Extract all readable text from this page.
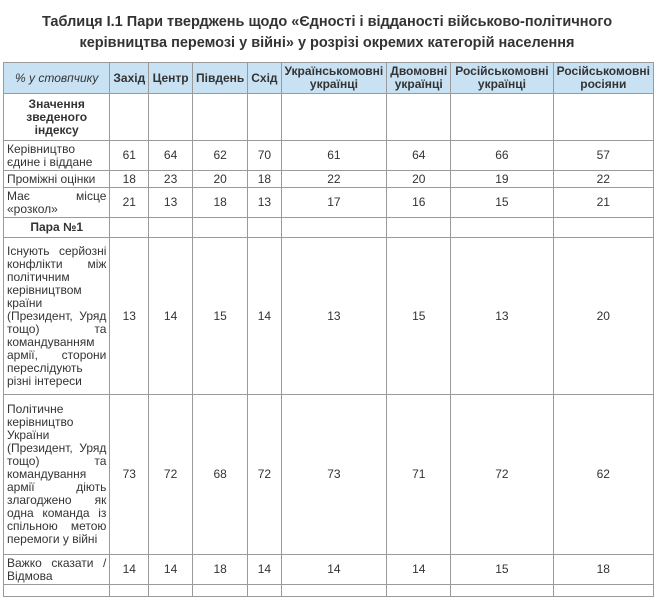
Таблиця І.1 Пари тверджень щодо «Єдності і відданості військово-політичного
керівництва перемозі у війні» у розрізі окремих категорій населення
% у стовпчику	Захід	Центр	Південь	Схід	Українськомовні українці	Двомовні українці	Російськомовні українці	Російськомовні росіяни
Значення зведеного індексу								
Керівництво єдине і віддане	61	64	62	70	61	64	66	57
Проміжні оцінки	18	23	20	18	22	20	19	22
Має місце «розкол»	21	13	18	13	17	16	15	21
Пара №1								
Існують серйозні конфлікти між політичним керівництвом країни (Президент, Уряд тощо) та командуванням армії, сторони переслідують різні інтереси	13	14	15	14	13	15	13	20
Політичне керівництво України (Президент, Уряд тощо) та командування армії діють злагоджено як одна команда із спільною метою перемоги у війні	73	72	68	72	73	71	72	62
Важко сказати / Відмова	14	14	18	14	14	14	15	18
